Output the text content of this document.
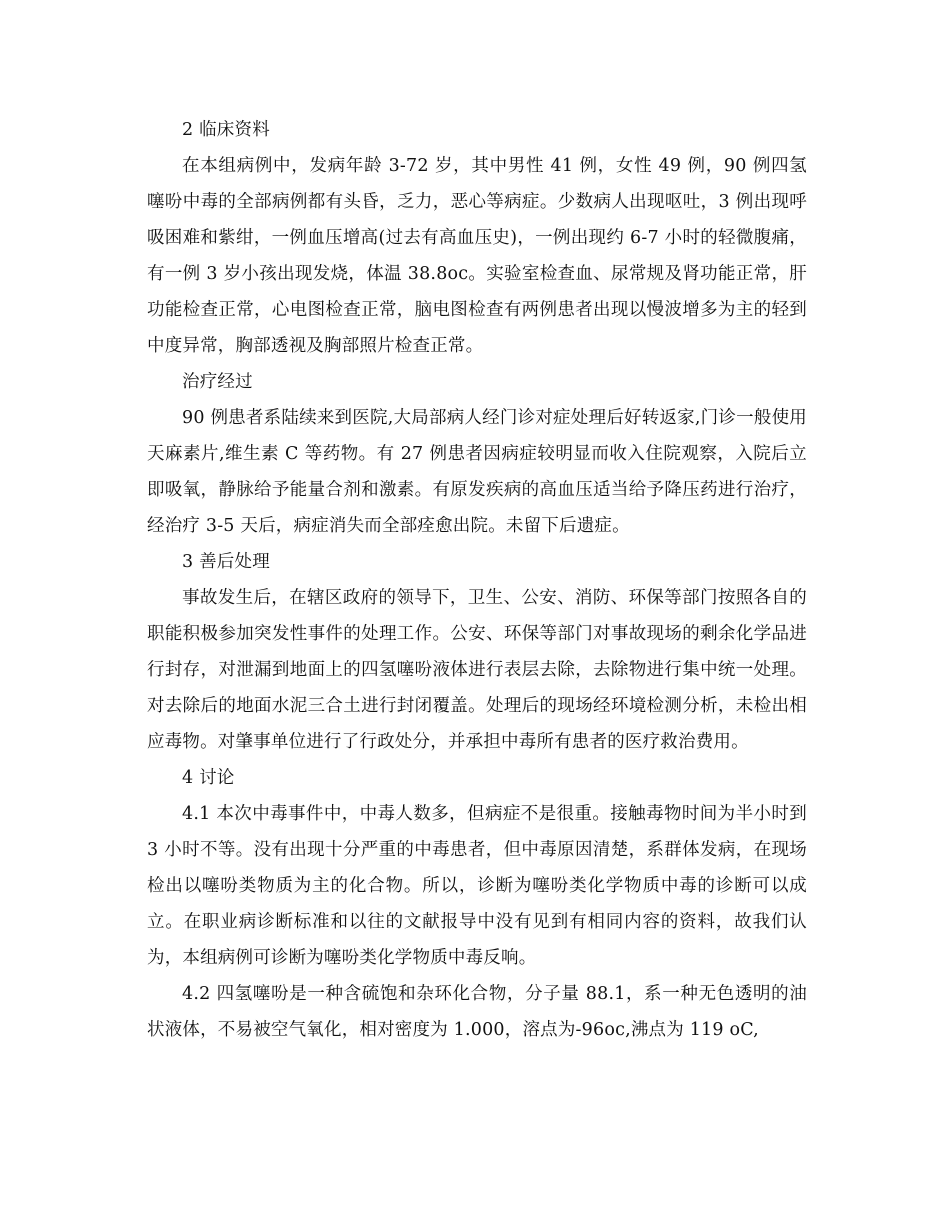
2 临床资料

在本组病例中，发病年龄 3-72 岁，其中男性 41 例，女性 49 例，90 例四氢噻吩中毒的全部病例都有头昏，乏力，恶心等病症。少数病人出现呕吐，3 例出现呼吸困难和紫绀，一例血压增高(过去有高血压史)，一例出现约 6-7 小时的轻微腹痛，有一例 3 岁小孩出现发烧，体温 38.8oc。实验室检查血、尿常规及肾功能正常，肝功能检查正常，心电图检查正常，脑电图检查有两例患者出现以慢波增多为主的轻到中度异常，胸部透视及胸部照片检查正常。

治疗经过

90 例患者系陆续来到医院,大局部病人经门诊对症处理后好转返家,门诊一般使用天麻素片,维生素 C 等药物。有 27 例患者因病症较明显而收入住院观察，入院后立即吸氧，静脉给予能量合剂和激素。有原发疾病的高血压适当给予降压药进行治疗，经治疗 3-5 天后，病症消失而全部痊愈出院。未留下后遗症。

3 善后处理

事故发生后，在辖区政府的领导下，卫生、公安、消防、环保等部门按照各自的职能积极参加突发性事件的处理工作。公安、环保等部门对事故现场的剩余化学品进行封存，对泄漏到地面上的四氢噻吩液体进行表层去除，去除物进行集中统一处理。对去除后的地面水泥三合土进行封闭覆盖。处理后的现场经环境检测分析，未检出相应毒物。对肇事单位进行了行政处分，并承担中毒所有患者的医疗救治费用。

4 讨论

4.1 本次中毒事件中，中毒人数多，但病症不是很重。接触毒物时间为半小时到 3 小时不等。没有出现十分严重的中毒患者，但中毒原因清楚，系群体发病，在现场检出以噻吩类物质为主的化合物。所以，诊断为噻吩类化学物质中毒的诊断可以成立。在职业病诊断标准和以往的文献报导中没有见到有相同内容的资料，故我们认为，本组病例可诊断为噻吩类化学物质中毒反响。

4.2 四氢噻吩是一种含硫饱和杂环化合物，分子量 88.1，系一种无色透明的油状液体，不易被空气氧化，相对密度为 1.000，溶点为-96oc,沸点为 119 oC,
